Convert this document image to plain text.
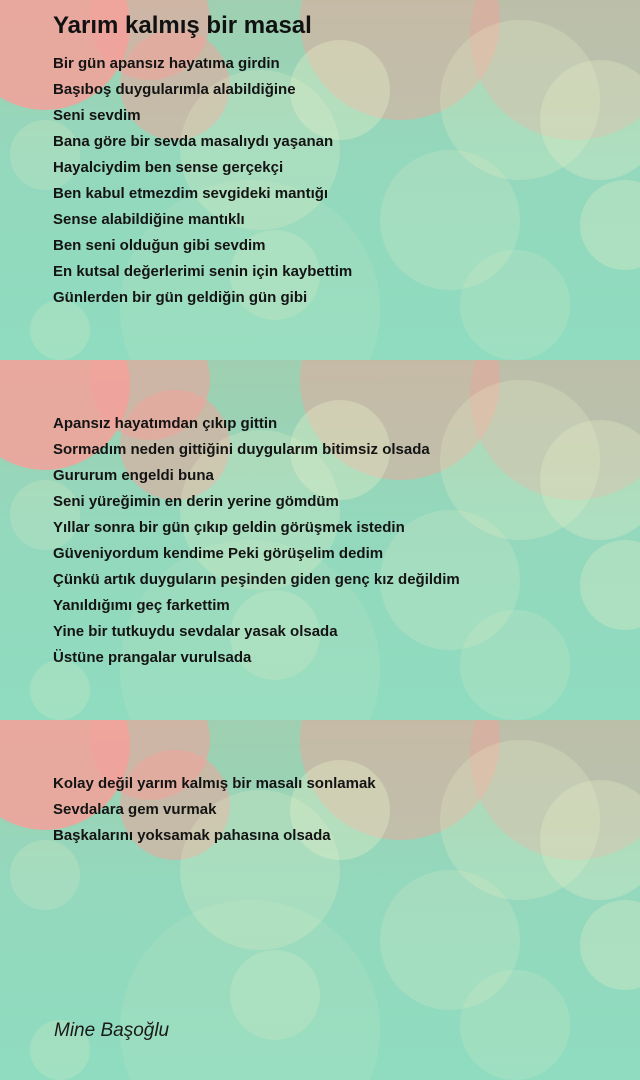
Yarım kalmış bir masal
Bir gün apansız hayatıma girdin
Başıboş duygularımla alabildiğine
Seni sevdim
Bana göre bir sevda masalıydı yaşanan
Hayalciydim ben sense gerçekçi
Ben kabul etmezdim sevgideki mantığı
Sense alabildiğine mantıklı
Ben seni olduğun gibi sevdim
En kutsal değerlerimi senin için kaybettim
Günlerden bir gün geldiğin gün gibi
Apansız hayatımdan çıkıp gittin
Sormadım neden gittiğini duygularım bitimsiz olsada
Gururum engeldi buna
Seni yüreğimin en derin yerine gömdüm
Yıllar sonra bir gün çıkıp geldin görüşmek istedin
Güveniyordum kendime Peki görüşelim dedim
Çünkü artık duyguların peşinden giden genç kız değildim
Yanıldığımı geç farkettim
Yine bir tutkuydu sevdalar yasak olsada
Üstüne prangalar vurulsada
Kolay değil yarım kalmış bir masalı sonlamak
Sevdalara gem vurmak
Başkalarını yoksamak pahasına olsada
Mine Başoğlu
